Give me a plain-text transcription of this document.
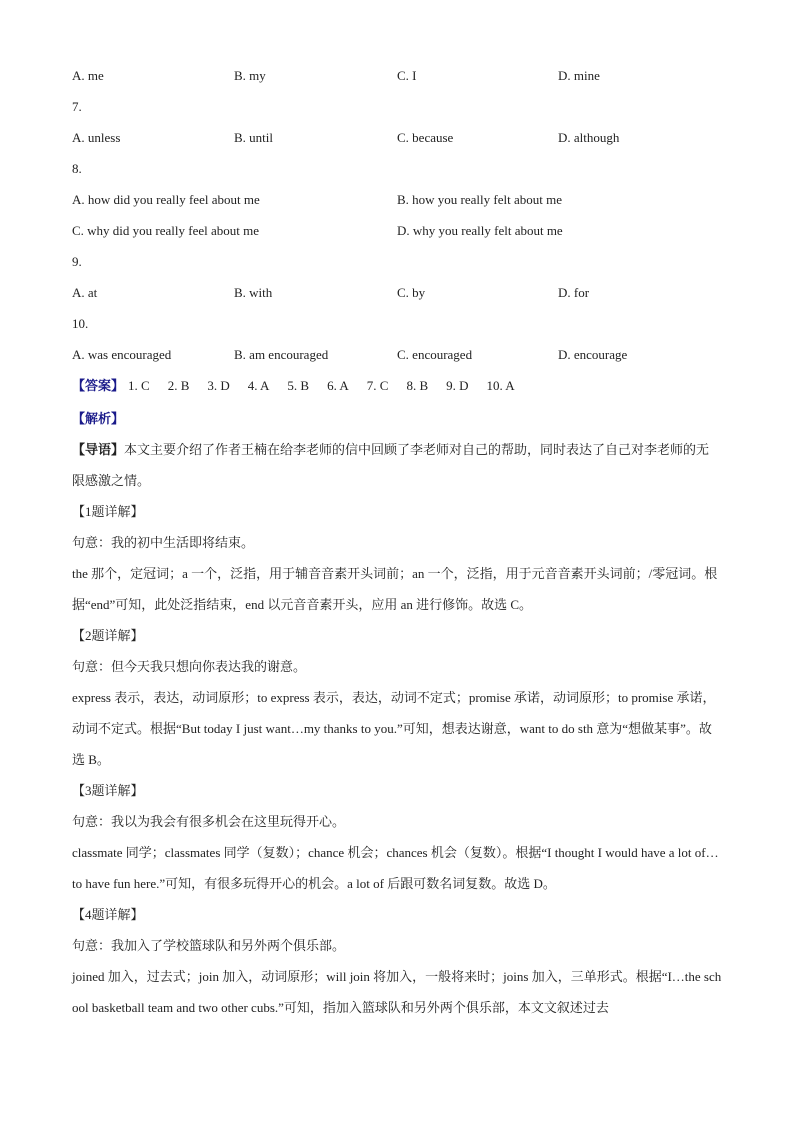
A. me	B. my	C. I	D. mine
7.
A. unless	B. until	C. because	D. although
8.
A. how did you really feel about me	B. how you really felt about me
C. why did you really feel about me	D. why you really felt about me
9.
A. at	B. with	C. by	D. for
10.
A. was encouraged	B. am encouraged	C. encouraged	D. encourage
【答案】 1. C 2. B 3. D 4. A 5. B 6. A 7. C 8. B 9. D 10. A
【解析】
【导语】本文主要介绍了作者王楠在给李老师的信中回顾了李老师对自己的帮助，同时表达了自己对李老师的无限感激之情。
【1题详解】
句意：我的初中生活即将结束。
the 那个，定冠词；a 一个，泛指，用于辅音音素开头词前；an 一个，泛指，用于元音音素开头词前；/零冠词。根据“end”可知，此处泛指结束，end 以元音音素开头，应用 an 进行修饰。故选 C。
【2题详解】
句意：但今天我只想向你表达我的谢意。
express 表示，表达，动词原形；to express 表示，表达，动词不定式；promise 承诺，动词原形；to promise 承诺，动词不定式。根据“But today I just want…my thanks to you.”可知，想表达谢意，want to do sth 意为“想做某事”。故选 B。
【3题详解】
句意：我以为我会有很多机会在这里玩得开心。
classmate 同学；classmates 同学（复数）；chance 机会；chances 机会（复数）。根据“I thought I would have a lot of…to have fun here.”可知，有很多玩得开心的机会。a lot of 后跟可数名词复数。故选 D。
【4题详解】
句意：我加入了学校篮球队和另外两个俱乐部。
joined 加入，过去式；join 加入，动词原形；will join 将加入，一般将来时；joins 加入，三单形式。根据“I…the school basketball team and two other cubs.”可知，指加入篮球队和另外两个俱乐部，本文文叙述过去
